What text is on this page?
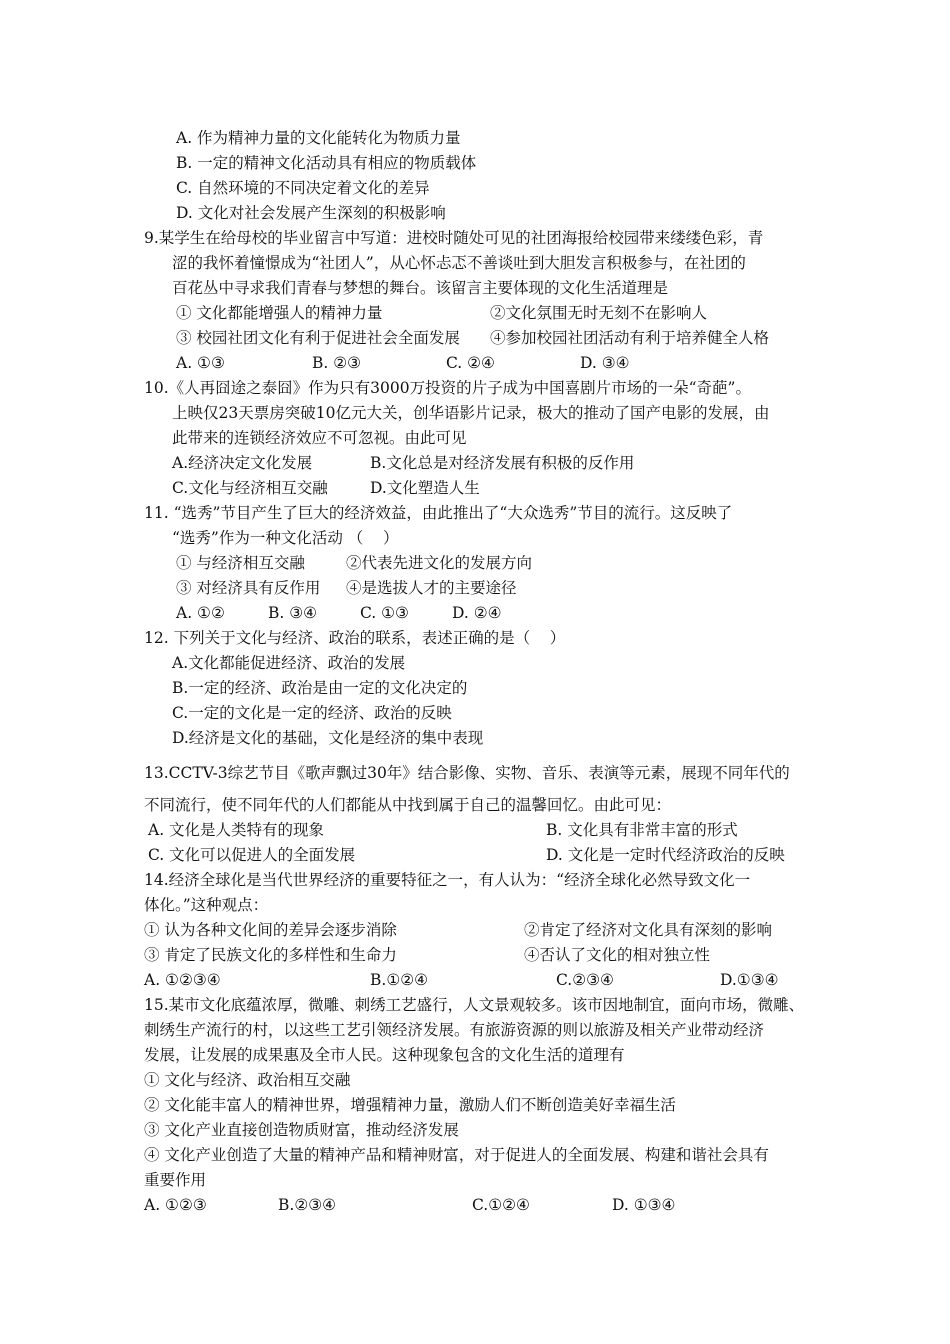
A. 作为精神力量的文化能转化为物质力量
B. 一定的精神文化活动具有相应的物质载体
C. 自然环境的不同决定着文化的差异
D. 文化对社会发展产生深刻的积极影响
9.某学生在给母校的毕业留言中写道：进校时随处可见的社团海报给校园带来缕缕色彩，青
涩的我怀着憧憬成为“社团人”，从心怀忐忑不善谈吐到大胆发言积极参与，在社团的
百花丛中寻求我们青春与梦想的舞台。该留言主要体现的文化生活道理是
① 文化都能增强人的精神力量	②文化氛围无时无刻不在影响人
③ 校园社团文化有利于促进社会全面发展 ④参加校园社团活动有利于培养健全人格
A. ①③	B. ②③	C. ②④	D. ③④
10.《人再囧途之泰囧》作为只有3000万投资的片子成为中国喜剧片市场的一朵“奇葩”。
上映仅23天票房突破10亿元大关，创华语影片记录，极大的推动了国产电影的发展，由
此带来的连锁经济效应不可忽视。由此可见
A.经济决定文化发展	B.文化总是对经济发展有积极的反作用
C.文化与经济相互交融	D.文化塑造人生
11. “选秀”节目产生了巨大的经济效益，由此推出了“大众选秀”节目的流行。这反映了
“选秀”作为一种文化活动 （    ）
① 与经济相互交融	②代表先进文化的发展方向
③ 对经济具有反作用 ④是选拔人才的主要途径
A. ①②	B. ③④	C. ①③	D. ②④
12. 下列关于文化与经济、政治的联系，表述正确的是（    ）
A.文化都能促进经济、政治的发展
B.一定的经济、政治是由一定的文化决定的
C.一定的文化是一定的经济、政治的反映
D.经济是文化的基础，文化是经济的集中表现
13.CCTV-3综艺节目《歌声飘过30年》结合影像、实物、音乐、表演等元素，展现不同年代的
不同流行，使不同年代的人们都能从中找到属于自己的温馨回忆。由此可见：
A. 文化是人类特有的现象	B. 文化具有非常丰富的形式
C. 文化可以促进人的全面发展	D. 文化是一定时代经济政治的反映
14.经济全球化是当代世界经济的重要特征之一，有人认为：“经济全球化必然导致文化一
体化。”这种观点：
① 认为各种文化间的差异会逐步消除	②肯定了经济对文化具有深刻的影响
③ 肯定了民族文化的多样性和生命力	④否认了文化的相对独立性
A. ①②③④	B.①②④	C.②③④	D.①③④
15.某市文化底蕴浓厚，微雕、刺绣工艺盛行，人文景观较多。该市因地制宜，面向市场，微雕、
刺绣生产流行的村，以这些工艺引领经济发展。有旅游资源的则以旅游及相关产业带动经济
发展，让发展的成果惠及全市人民。这种现象包含的文化生活的道理有
① 文化与经济、政治相互交融
② 文化能丰富人的精神世界，增强精神力量，激励人们不断创造美好幸福生活
③ 文化产业直接创造物质财富，推动经济发展
④ 文化产业创造了大量的精神产品和精神财富，对于促进人的全面发展、构建和谐社会具有
重要作用
A. ①②③	B.②③④	C.①②④	D. ①③④
